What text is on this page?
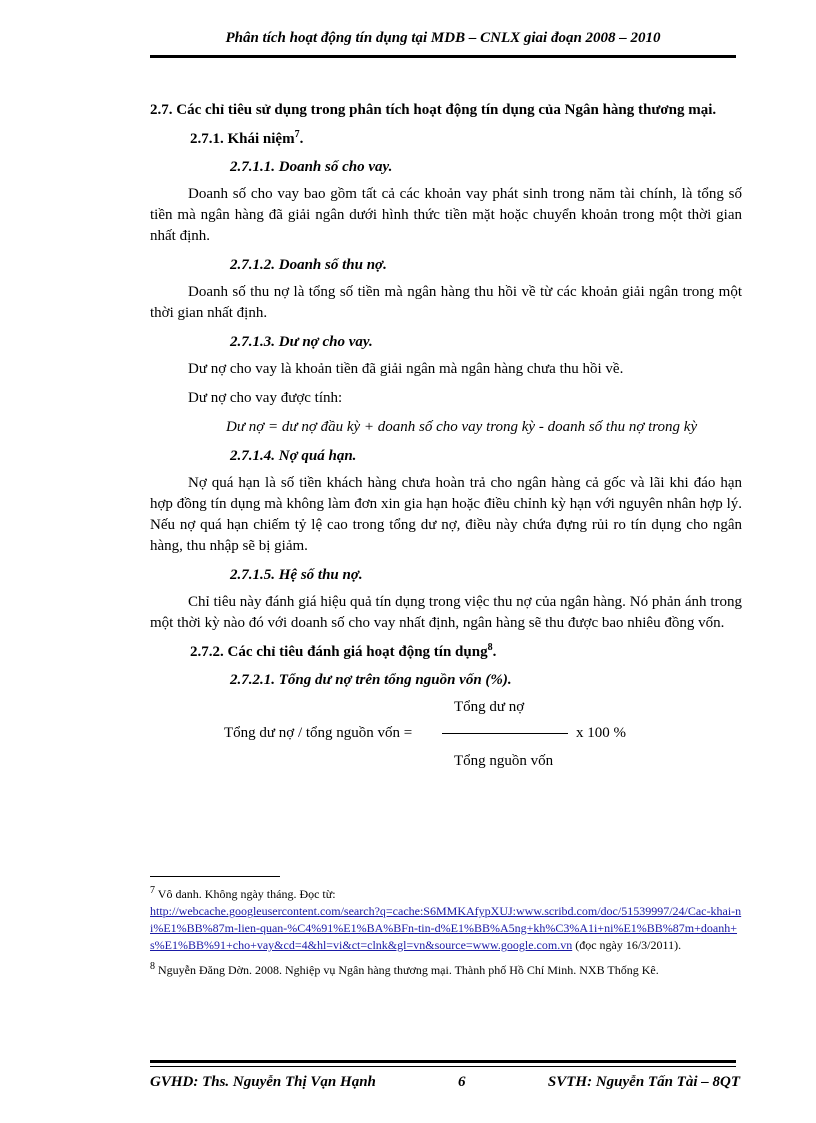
Phân tích hoạt động tín dụng tại MDB – CNLX giai đoạn 2008 – 2010

2.7. Các chỉ tiêu sử dụng trong phân tích hoạt động tín dụng của Ngân hàng thương mại.

2.7.1. Khái niệm$^7$.

2.7.1.1. Doanh số cho vay.

Doanh số cho vay bao gồm tất cả các khoản vay phát sinh trong năm tài chính, là tổng số tiền mà ngân hàng đã giải ngân dưới hình thức tiền mặt hoặc chuyển khoản trong một thời gian nhất định.

2.7.1.2. Doanh số thu nợ.

Doanh số thu nợ là tổng số tiền mà ngân hàng thu hồi về từ các khoản giải ngân trong một thời gian nhất định.

2.7.1.3. Dư nợ cho vay.

Dư nợ cho vay là khoản tiền đã giải ngân mà ngân hàng chưa thu hồi về.

Dư nợ cho vay được tính:

Dư nợ = dư nợ đầu kỳ + doanh số cho vay trong kỳ - doanh số thu nợ trong kỳ

2.7.1.4. Nợ quá hạn.

Nợ quá hạn là số tiền khách hàng chưa hoàn trả cho ngân hàng cả gốc và lãi khi đáo hạn hợp đồng tín dụng mà không làm đơn xin gia hạn hoặc điều chỉnh kỳ hạn với nguyên nhân hợp lý. Nếu nợ quá hạn chiếm tỷ lệ cao trong tổng dư nợ, điều này chứa đựng rủi ro tín dụng cho ngân hàng, thu nhập sẽ bị giảm.

2.7.1.5. Hệ số thu nợ.

Chỉ tiêu này đánh giá hiệu quả tín dụng trong việc thu nợ của ngân hàng. Nó phản ánh trong một thời kỳ nào đó với doanh số cho vay nhất định, ngân hàng sẽ thu được bao nhiêu đồng vốn.

2.7.2. Các chỉ tiêu đánh giá hoạt động tín dụng$^8$.

2.7.2.1. Tổng dư nợ trên tổng nguồn vốn (%).

Tổng dư nợ / tổng nguồn vốn =
Tổng dư nợ
Tổng nguồn vốn
x 100 %

$^7$ Vô danh. Không ngày tháng. Đọc từ:
http://webcache.googleusercontent.com/search?q=cache:S6MMKAfypXUJ:www.scribd.com/doc/51539997/24/Cac-khai-ni%E1%BB%87m-lien-quan-%C4%91%E1%BA%BFn-tin-d%E1%BB%A5ng+kh%C3%A1i+ni%E1%BB%87m+doanh+s%E1%BB%91+cho+vay&cd=4&hl=vi&ct=clnk&gl=vn&source=www.google.com.vn (đọc ngày 16/3/2011).

$^8$ Nguyễn Đăng Dờn. 2008. Nghiệp vụ Ngân hàng thương mại. Thành phố Hồ Chí Minh. NXB Thống Kê.

GVHD: Ths. Nguyễn Thị Vạn Hạnh	6	SVTH: Nguyễn Tấn Tài – 8QT
